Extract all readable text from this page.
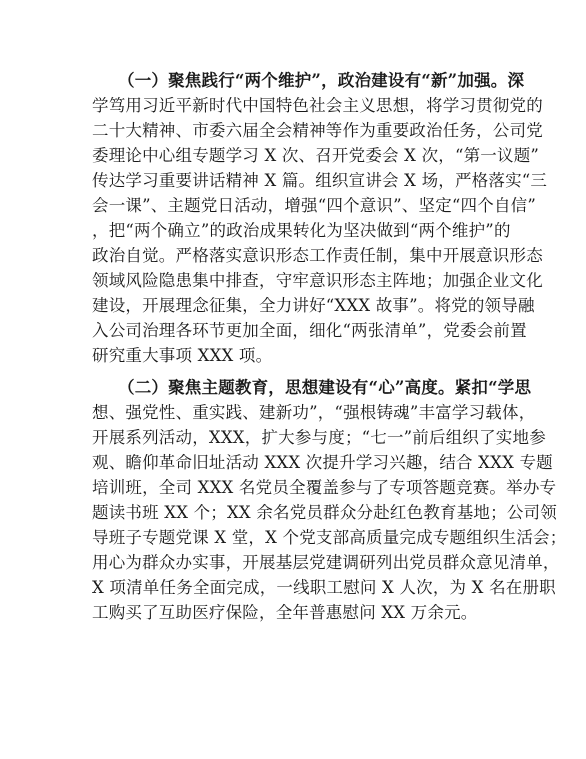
（一）聚焦践行“两个维护”，政治建设有“新”加强。深
学笃用习近平新时代中国特色社会主义思想，将学习贯彻党的
二十大精神、市委六届全会精神等作为重要政治任务，公司党
委理论中心组专题学习 X 次、召开党委会 X 次，“第一议题”
传达学习重要讲话精神 X 篇。组织宣讲会 X 场，严格落实“三
会一课”、主题党日活动，增强“四个意识”、坚定“四个自信”
，把“两个确立”的政治成果转化为坚决做到“两个维护”的
政治自觉。严格落实意识形态工作责任制，集中开展意识形态
领域风险隐患集中排查，守牢意识形态主阵地；加强企业文化
建设，开展理念征集，全力讲好“XXX 故事”。将党的领导融
入公司治理各环节更加全面，细化“两张清单”，党委会前置
研究重大事项 XXX 项。
（二）聚焦主题教育，思想建设有“心”高度。紧扣“学思
想、强党性、重实践、建新功”，“强根铸魂”丰富学习载体，
开展系列活动，XXX，扩大参与度；“七一”前后组织了实地参
观、瞻仰革命旧址活动 XXX 次提升学习兴趣，结合 XXX 专题
培训班，全司 XXX 名党员全覆盖参与了专项答题竞赛。举办专
题读书班 XX 个；XX 余名党员群众分赴红色教育基地；公司领
导班子专题党课 X 堂，X 个党支部高质量完成专题组织生活会；
用心为群众办实事，开展基层党建调研列出党员群众意见清单，
X 项清单任务全面完成，一线职工慰问 X 人次，为 X 名在册职
工购买了互助医疗保险，全年普惠慰问 XX 万余元。
